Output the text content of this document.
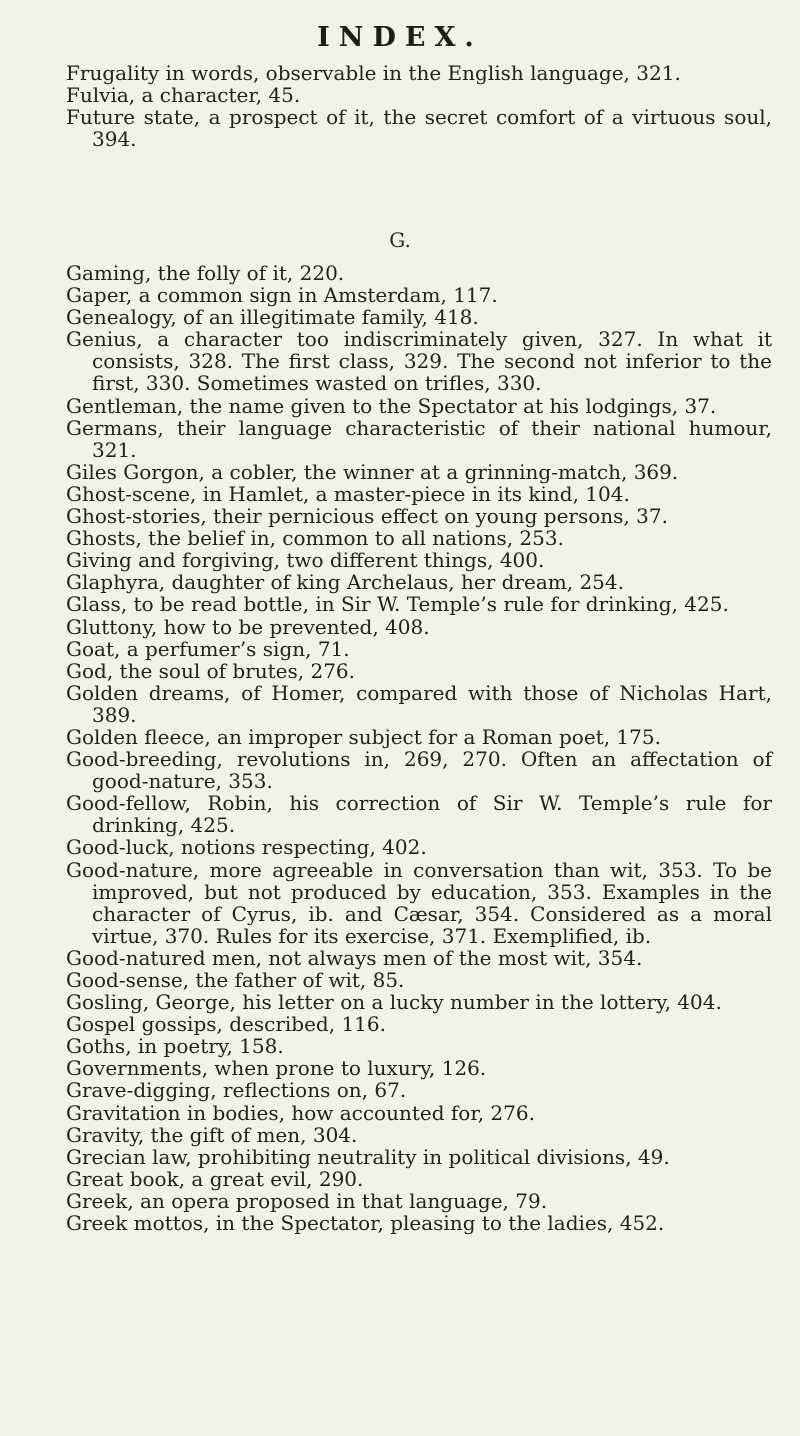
INDEX.
Frugality in words, observable in the English language, 321.
Fulvia, a character, 45.
Future state, a prospect of it, the secret comfort of a virtuous soul, 394.
G.
Gaming, the folly of it, 220.
Gaper, a common sign in Amsterdam, 117.
Genealogy, of an illegitimate family, 418.
Genius, a character too indiscriminately given, 327. In what it consists, 328. The first class, 329. The second not inferior to the first, 330. Sometimes wasted on trifles, 330.
Gentleman, the name given to the Spectator at his lodgings, 37.
Germans, their language characteristic of their national humour, 321.
Giles Gorgon, a cobler, the winner at a grinning-match, 369.
Ghost-scene, in Hamlet, a master-piece in its kind, 104.
Ghost-stories, their pernicious effect on young persons, 37.
Ghosts, the belief in, common to all nations, 253.
Giving and forgiving, two different things, 400.
Glaphyra, daughter of king Archelaus, her dream, 254.
Glass, to be read bottle, in Sir W. Temple’s rule for drinking, 425.
Gluttony, how to be prevented, 408.
Goat, a perfumer’s sign, 71.
God, the soul of brutes, 276.
Golden dreams, of Homer, compared with those of Nicholas Hart, 389.
Golden fleece, an improper subject for a Roman poet, 175.
Good-breeding, revolutions in, 269, 270. Often an affectation of good-nature, 353.
Good-fellow, Robin, his correction of Sir W. Temple’s rule for drinking, 425.
Good-luck, notions respecting, 402.
Good-nature, more agreeable in conversation than wit, 353. To be improved, but not produced by education, 353. Examples in the character of Cyrus, ib. and Cæsar, 354. Considered as a moral virtue, 370. Rules for its exercise, 371. Exemplified, ib.
Good-natured men, not always men of the most wit, 354.
Good-sense, the father of wit, 85.
Gosling, George, his letter on a lucky number in the lottery, 404.
Gospel gossips, described, 116.
Goths, in poetry, 158.
Governments, when prone to luxury, 126.
Grave-digging, reflections on, 67.
Gravitation in bodies, how accounted for, 276.
Gravity, the gift of men, 304.
Grecian law, prohibiting neutrality in political divisions, 49.
Great book, a great evil, 290.
Greek, an opera proposed in that language, 79.
Greek mottos, in the Spectator, pleasing to the ladies, 452.
